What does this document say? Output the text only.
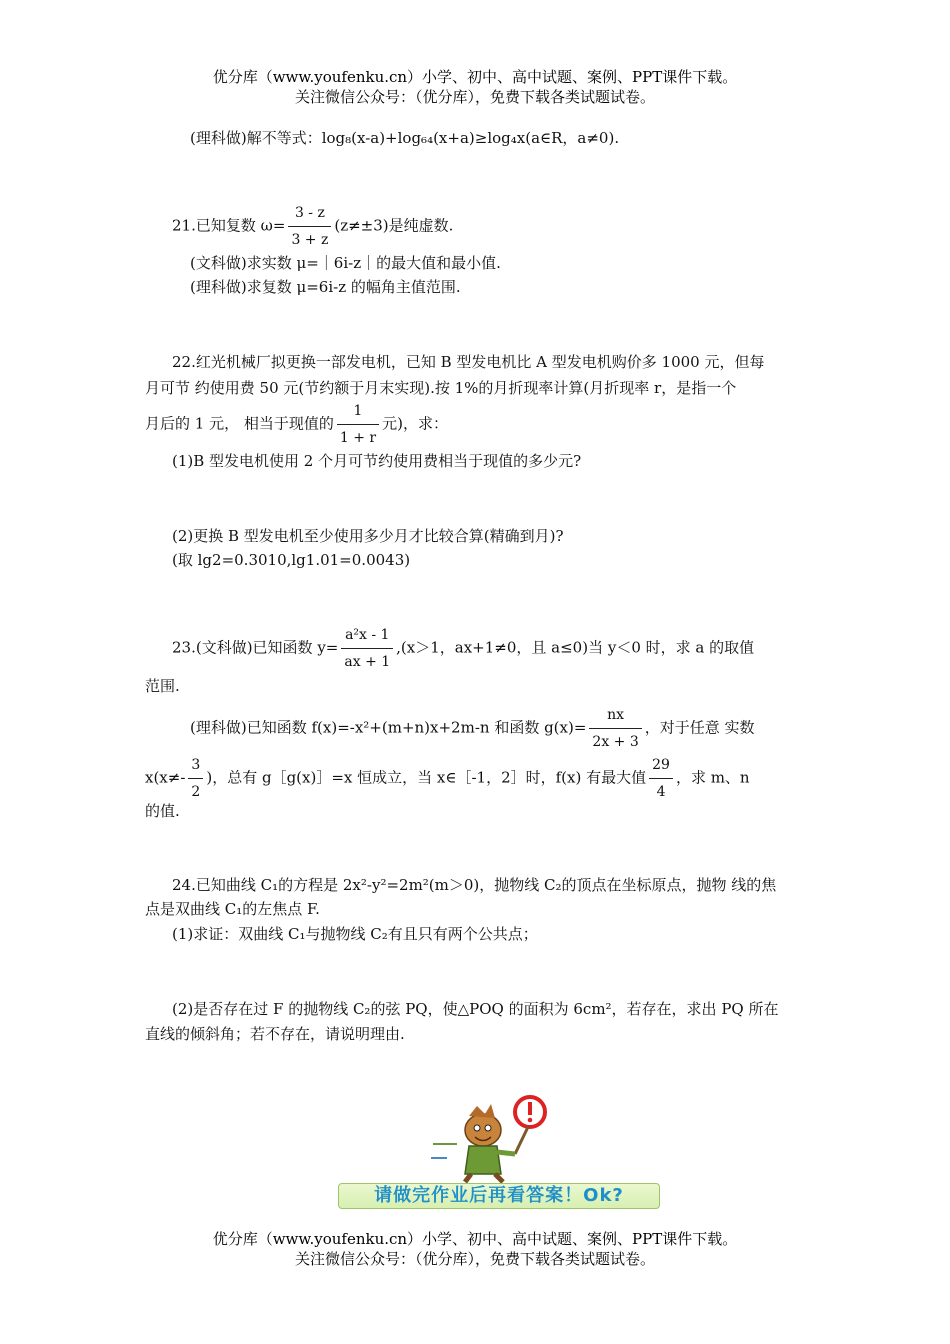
优分库（www.youfenku.cn）小学、初中、高中试题、案例、PPT课件下载。
关注微信公众号：（优分库），免费下载各类试题试卷。
(理科做)解不等式：log₈(x-a)+log₆₄(x+a)≥log₄x(a∈R，a≠0).
21.已知复数 $\omega= \frac{3 - z}{3 + z} (z\ne\pm 3)$是纯虚数.
(文科做)求实数 μ=｜6i-z｜的最大值和最小值.
(理科做)求复数 μ=6i-z 的幅角主值范围.
22.红光机械厂拟更换一部发电机，已知 B 型发电机比 A 型发电机购价多 1000 元，但每
月可节 约使用费 50 元(节约额于月末实现).按 1%的月折现率计算(月折现率 r，是指一个
月后的 1 元， 相当于现值的 $\frac{1}{1 + r}$ 元)，求：
(1)B 型发电机使用 2 个月可节约使用费相当于现值的多少元?
(2)更换 B 型发电机至少使用多少月才比较合算(精确到月)?
(取 lg2=0.3010,lg1.01=0.0043)
23.(文科做)已知函数 $y= \frac{\text{a²x - 1}}{ax + 1} ,(x>1$，ax+1≠0，且 a≤0)当 y＜0 时，求 a 的取值
范围.
(理科做)已知函数 f(x)=-x²+(m+n)x+2m-n 和函数 $g(x)= \frac{nx}{2x + 3}$ ，对于任意 实数
$x(x\ne- \frac{3}{2}$ )，总有 g［g(x)］=x 恒成立，当 x∈［-1，2］时，f(x) 有最大值 $\frac{29}{4}$ ，求 m、n
的值.
24.已知曲线 C₁的方程是 2x²-y²=2m²(m＞0)，抛物线 C₂的顶点在坐标原点，抛物 线的焦
点是双曲线 C₁的左焦点 F.
(1)求证：双曲线 C₁与抛物线 C₂有且只有两个公共点；
(2)是否存在过 F 的抛物线 C₂的弦 PQ，使△POQ 的面积为 6cm²，若存在，求出 PQ 所在
直线的倾斜角；若不存在，请说明理由.
请做完作业后再看答案！Ok?
优分库（www.youfenku.cn）小学、初中、高中试题、案例、PPT课件下载。
关注微信公众号：（优分库），免费下载各类试题试卷。
